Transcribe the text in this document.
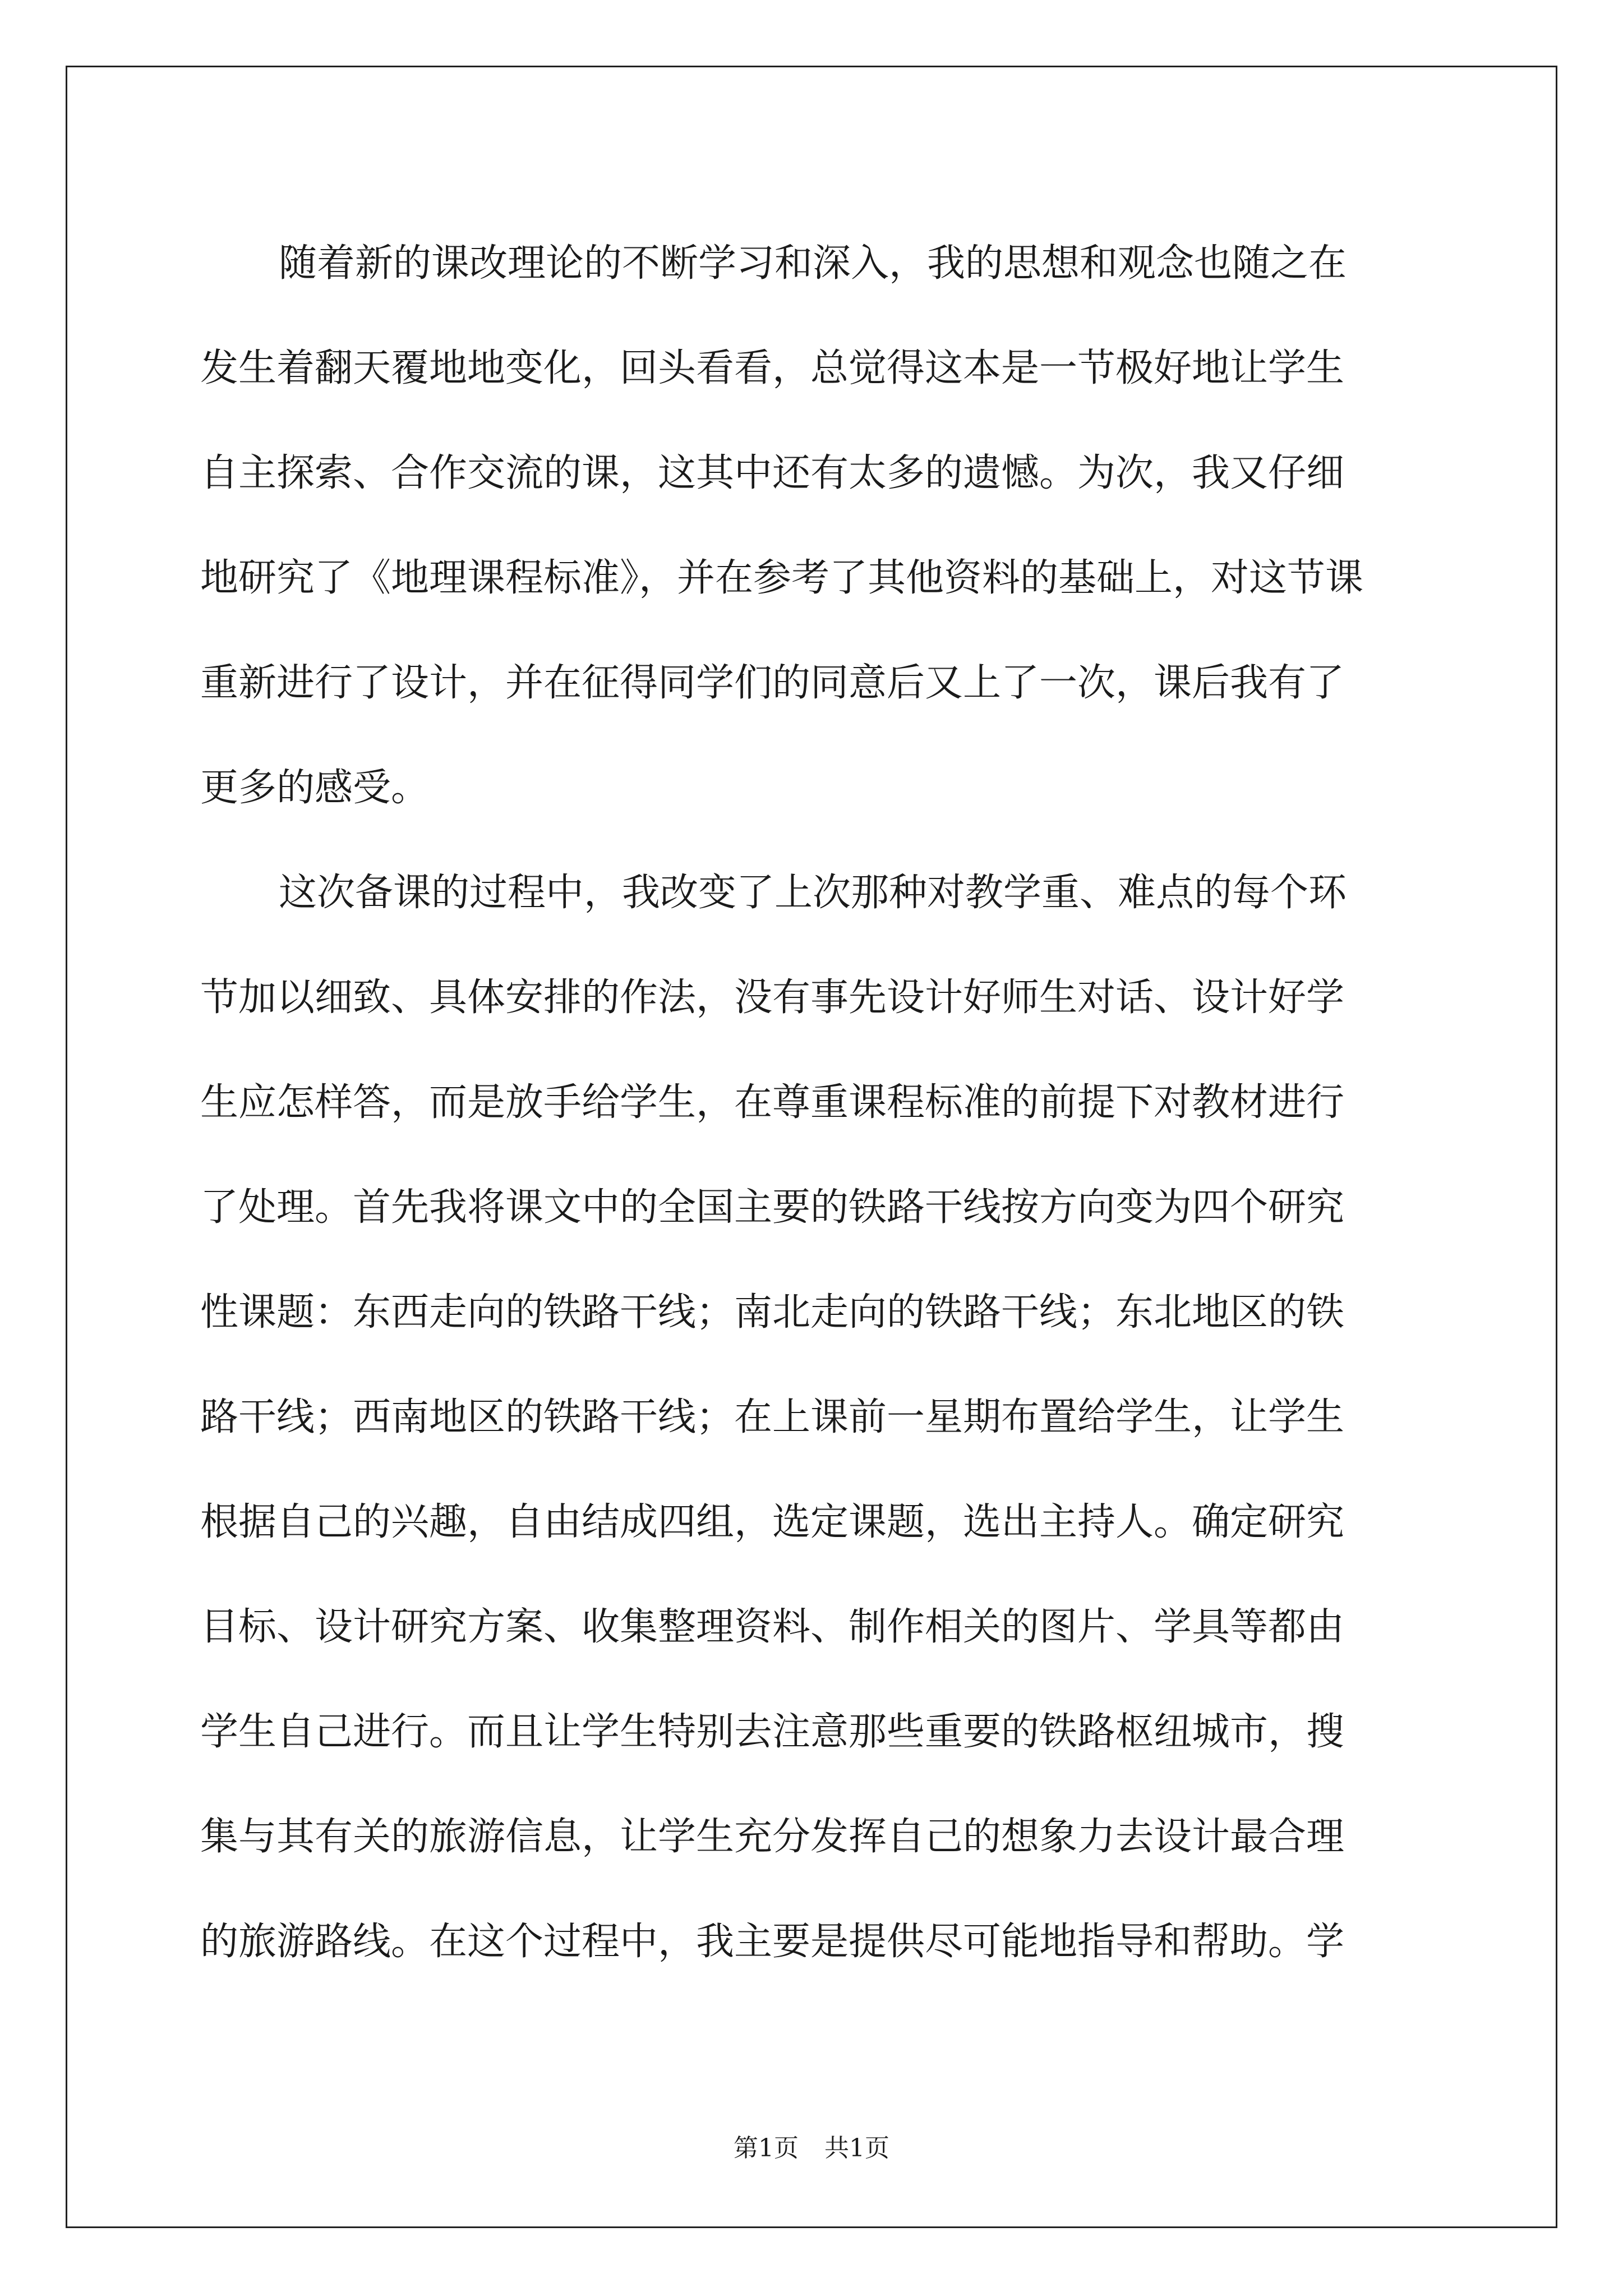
随着新的课改理论的不断学习和深入，我的思想和观念也随之在
发生着翻天覆地地变化，回头看看，总觉得这本是一节极好地让学生
自主探索、合作交流的课，这其中还有太多的遗憾。为次，我又仔细
地研究了《地理课程标准》，并在参考了其他资料的基础上，对这节课
重新进行了设计，并在征得同学们的同意后又上了一次，课后我有了
更多的感受。
这次备课的过程中，我改变了上次那种对教学重、难点的每个环
节加以细致、具体安排的作法，没有事先设计好师生对话、设计好学
生应怎样答，而是放手给学生，在尊重课程标准的前提下对教材进行
了处理。首先我将课文中的全国主要的铁路干线按方向变为四个研究
性课题：东西走向的铁路干线；南北走向的铁路干线；东北地区的铁
路干线；西南地区的铁路干线；在上课前一星期布置给学生，让学生
根据自己的兴趣，自由结成四组，选定课题，选出主持人。确定研究
目标、设计研究方案、收集整理资料、制作相关的图片、学具等都由
学生自己进行。而且让学生特别去注意那些重要的铁路枢纽城市，搜
集与其有关的旅游信息，让学生充分发挥自己的想象力去设计最合理
的旅游路线。在这个过程中，我主要是提供尽可能地指导和帮助。学
第1页 共1页
